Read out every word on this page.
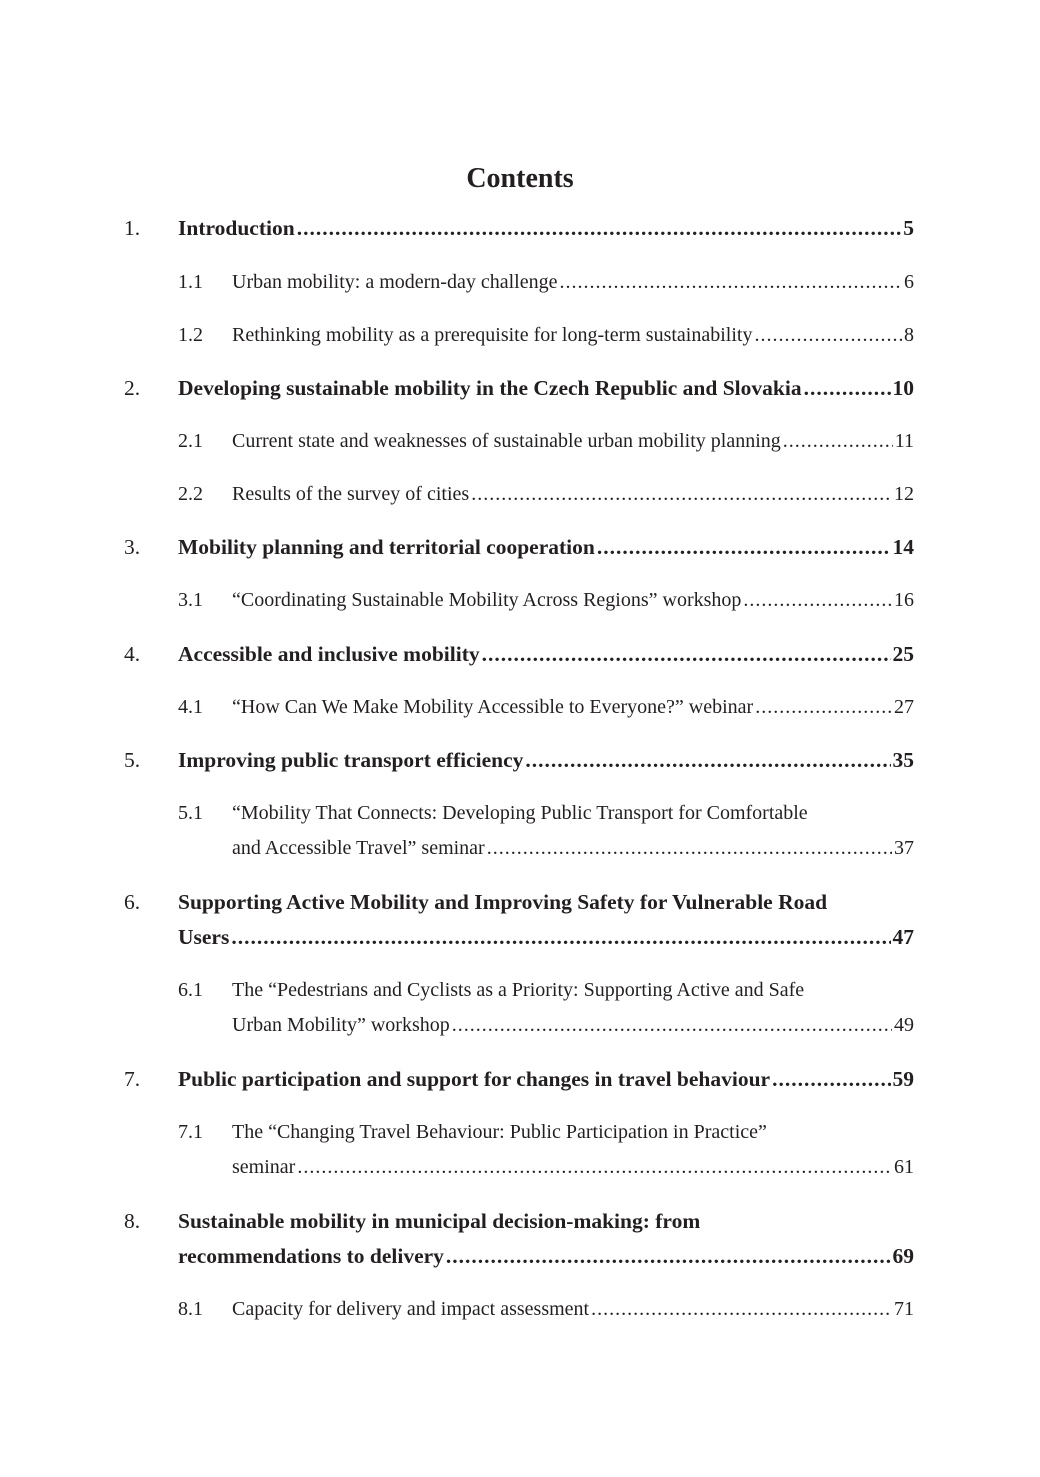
Contents
1. Introduction .....	5
1.1 Urban mobility: a modern-day challenge .....	6
1.2 Rethinking mobility as a prerequisite for long-term sustainability .....	8
2. Developing sustainable mobility in the Czech Republic and Slovakia .....	10
2.1 Current state and weaknesses of sustainable urban mobility planning .....	11
2.2 Results of the survey of cities .....	12
3. Mobility planning and territorial cooperation .....	14
3.1 “Coordinating Sustainable Mobility Across Regions” workshop .....	16
4. Accessible and inclusive mobility .....	25
4.1 “How Can We Make Mobility Accessible to Everyone?” webinar .....	27
5. Improving public transport efficiency .....	35
5.1 “Mobility That Connects: Developing Public Transport for Comfortable
and Accessible Travel” seminar .....	37
6. Supporting Active Mobility and Improving Safety for Vulnerable Road
Users .....	47
6.1 The “Pedestrians and Cyclists as a Priority: Supporting Active and Safe
Urban Mobility” workshop .....	49
7. Public participation and support for changes in travel behaviour .....	59
7.1 The “Changing Travel Behaviour: Public Participation in Practice”
seminar .....	61
8. Sustainable mobility in municipal decision-making: from
recommendations to delivery .....	69
8.1 Capacity for delivery and impact assessment .....	71
